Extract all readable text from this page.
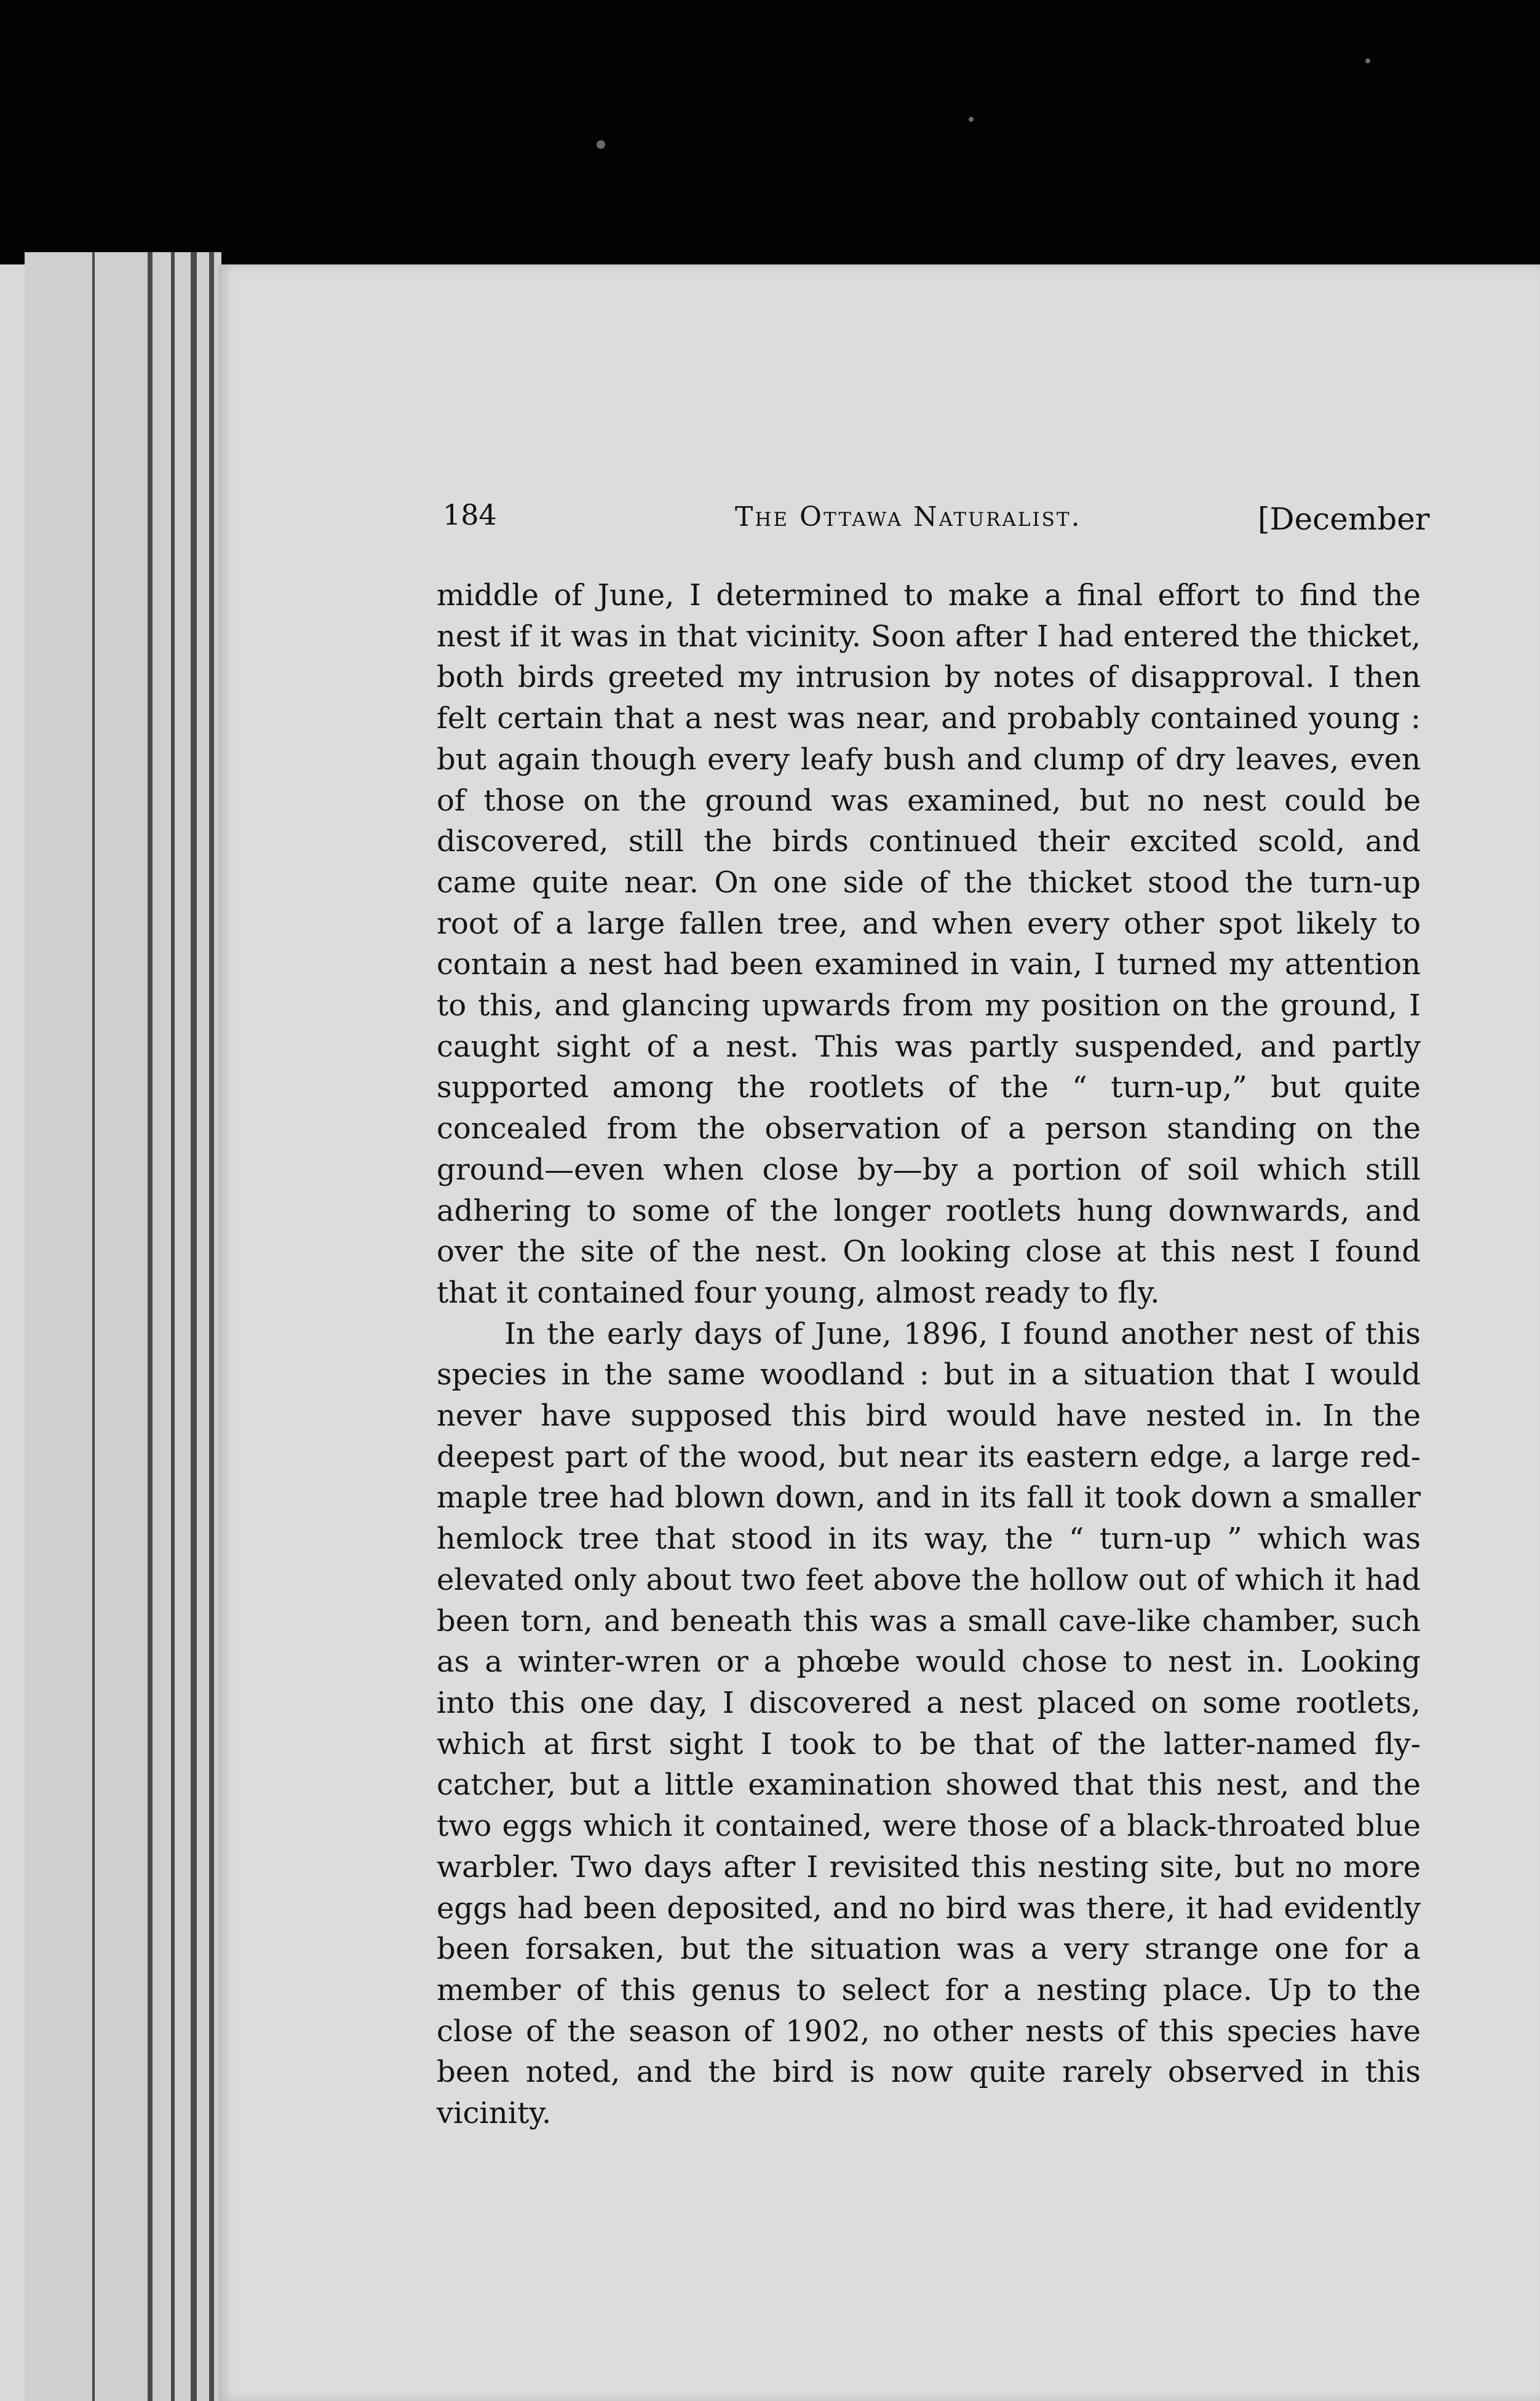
184	The Ottawa Naturalist.	[December

middle of June, I determined to make a final effort to find the nest if it was in that vicinity. Soon after I had entered the thicket, both birds greeted my intrusion by notes of disapproval. I then felt certain that a nest was near, and probably contained young : but again though every leafy bush and clump of dry leaves, even of those on the ground was examined, but no nest could be discovered, still the birds continued their excited scold, and came quite near. On one side of the thicket stood the turn-up root of a large fallen tree, and when every other spot likely to contain a nest had been examined in vain, I turned my attention to this, and glancing upwards from my position on the ground, I caught sight of a nest. This was partly suspended, and partly supported among the rootlets of the “ turn-up,” but quite concealed from the observation of a person standing on the ground—even when close by—by a portion of soil which still adhering to some of the longer rootlets hung downwards, and over the site of the nest. On looking close at this nest I found that it contained four young, almost ready to fly.

In the early days of June, 1896, I found another nest of this species in the same woodland : but in a situation that I would never have supposed this bird would have nested in. In the deepest part of the wood, but near its eastern edge, a large red-maple tree had blown down, and in its fall it took down a smaller hemlock tree that stood in its way, the “ turn-up ” which was elevated only about two feet above the hollow out of which it had been torn, and beneath this was a small cave-like chamber, such as a winter-wren or a phœbe would chose to nest in. Looking into this one day, I discovered a nest placed on some rootlets, which at first sight I took to be that of the latter-named fly-catcher, but a little examination showed that this nest, and the two eggs which it contained, were those of a black-throated blue warbler. Two days after I revisited this nesting site, but no more eggs had been deposited, and no bird was there, it had evidently been forsaken, but the situation was a very strange one for a member of this genus to select for a nesting place. Up to the close of the season of 1902, no other nests of this species have been noted, and the bird is now quite rarely observed in this vicinity.
